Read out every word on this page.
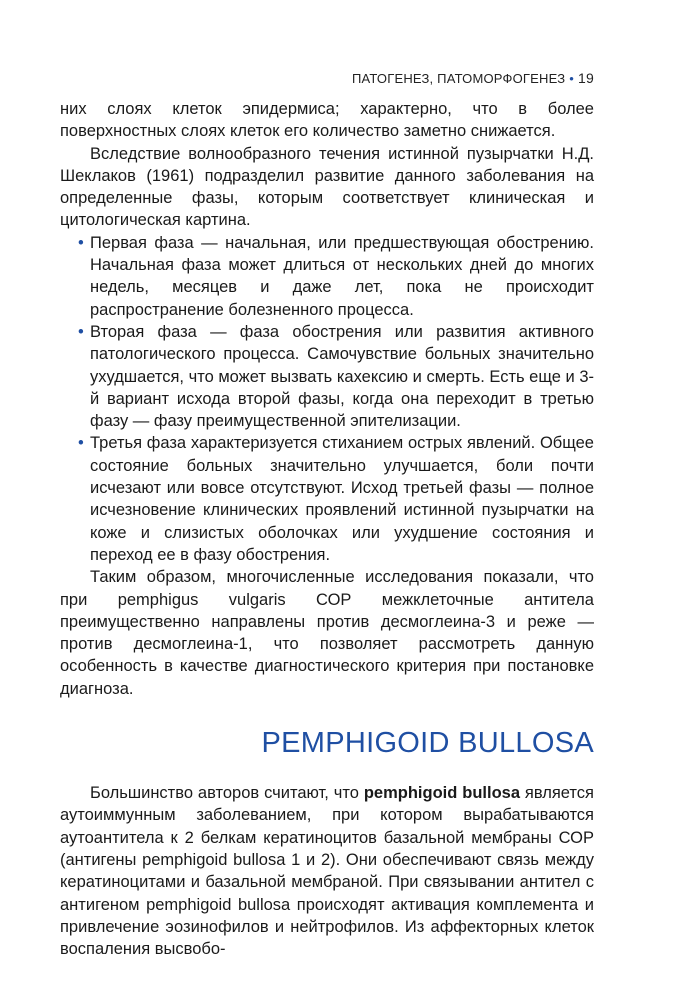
ПАТОГЕНЕЗ, ПАТОМОРФОГЕНЕЗ • 19

них слоях клеток эпидермиса; характерно, что в более поверхностных слоях клеток его количество заметно снижается.

Вследствие волнообразного течения истинной пузырчатки Н.Д. Шеклаков (1961) подразделил развитие данного заболевания на определенные фазы, которым соответствует клиническая и цитологическая картина.

• Первая фаза — начальная, или предшествующая обострению. Начальная фаза может длиться от нескольких дней до многих недель, месяцев и даже лет, пока не происходит распространение болезненного процесса.
• Вторая фаза — фаза обострения или развития активного патологического процесса. Самочувствие больных значительно ухудшается, что может вызвать кахексию и смерть. Есть еще и 3-й вариант исхода второй фазы, когда она переходит в третью фазу — фазу преимущественной эпителизации.
• Третья фаза характеризуется стиханием острых явлений. Общее состояние больных значительно улучшается, боли почти исчезают или вовсе отсутствуют. Исход третьей фазы — полное исчезновение клинических проявлений истинной пузырчатки на коже и слизистых оболочках или ухудшение состояния и переход ее в фазу обострения.

Таким образом, многочисленные исследования показали, что при pemphigus vulgaris СОР межклеточные антитела преимущественно направлены против десмоглеина-3 и реже — против десмоглеина-1, что позволяет рассмотреть данную особенность в качестве диагностического критерия при постановке диагноза.

PEMPHIGOID BULLOSA

Большинство авторов считают, что pemphigoid bullosa является аутоиммунным заболеванием, при котором вырабатываются аутоантитела к 2 белкам кератиноцитов базальной мембраны СОР (антигены pemphigoid bullosa 1 и 2). Они обеспечивают связь между кератиноцитами и базальной мембраной. При связывании антител с антигеном pemphigoid bullosa происходят активация комплемента и привлечение эозинофилов и нейтрофилов. Из аффекторных клеток воспаления высвобо-
